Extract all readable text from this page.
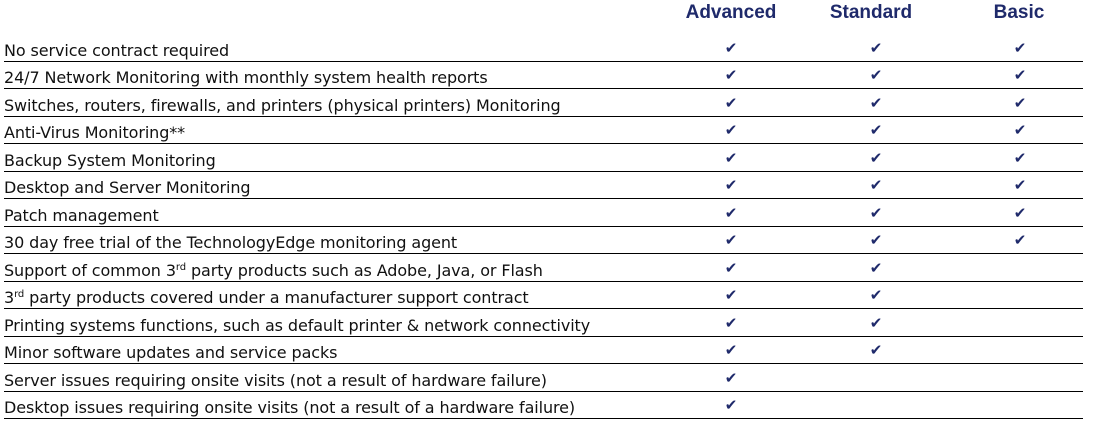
Advanced	Standard	Basic
No service contract required	✔	✔	✔
24/7 Network Monitoring with monthly system health reports	✔	✔	✔
Switches, routers, firewalls, and printers (physical printers) Monitoring	✔	✔	✔
Anti-Virus Monitoring**	✔	✔	✔
Backup System Monitoring	✔	✔	✔
Desktop and Server Monitoring	✔	✔	✔
Patch management	✔	✔	✔
30 day free trial of the TechnologyEdge monitoring agent	✔	✔	✔
Support of common 3rd party products such as Adobe, Java, or Flash	✔	✔
3rd party products covered under a manufacturer support contract	✔	✔
Printing systems functions, such as default printer & network connectivity	✔	✔
Minor software updates and service packs	✔	✔
Server issues requiring onsite visits (not a result of hardware failure)	✔
Desktop issues requiring onsite visits (not a result of a hardware failure)	✔
